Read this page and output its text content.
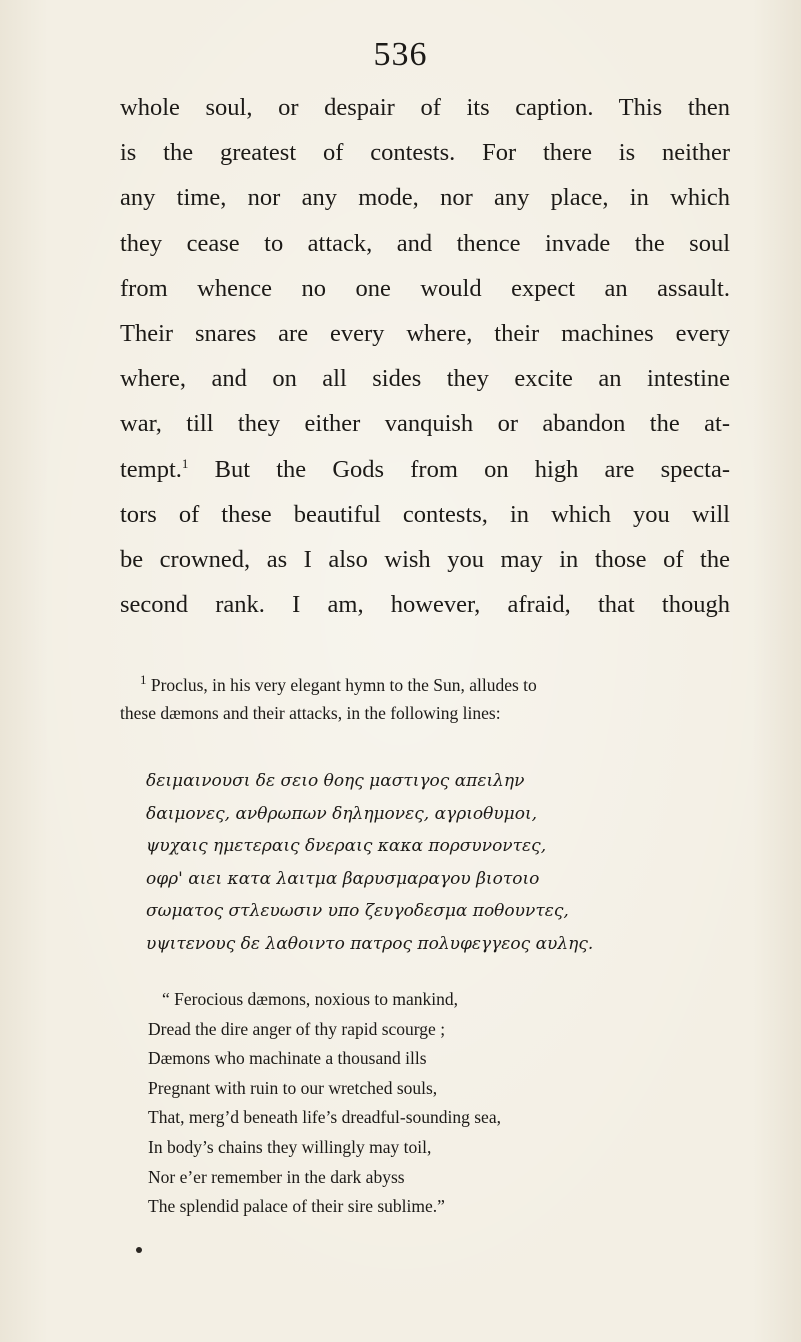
536
whole soul, or despair of its caption. This then
is the greatest of contests. For there is neither
any time, nor any mode, nor any place, in which
they cease to attack, and thence invade the soul
from whence no one would expect an assault.
Their snares are every where, their machines every
where, and on all sides they excite an intestine
war, till they either vanquish or abandon the at-
tempt.$^1$ But the Gods from on high are specta-
tors of these beautiful contests, in which you will
be crowned, as I also wish you may in those of the
second rank. I am, however, afraid, that though
$^1$ Proclus, in his very elegant hymn to the Sun, alludes to
these dæmons and their attacks, in the following lines:
δειμαινουσι δε σειο θοης μαστιγος απειλην
δαιμονες, ανθρωπων δηλημονες, αγριοθυμοι,
ψυχαις ημετεραις δνεραις κακα πορσυνοντες,
οφρ' αιει κατα λαιτμα βαρυσμαραγου βιοτοιο
σωματος στλευωσιν υπο ζευγοδεσμα ποθουντες,
υψιτενους δε λαθοιντο πατρος πολυφεγγεος αυλης.
“ Ferocious dæmons, noxious to mankind,
Dread the dire anger of thy rapid scourge ;
Dæmons who machinate a thousand ills
Pregnant with ruin to our wretched souls,
That, merg’d beneath life’s dreadful-sounding sea,
In body’s chains they willingly may toil,
Nor e’er remember in the dark abyss
The splendid palace of their sire sublime.”
